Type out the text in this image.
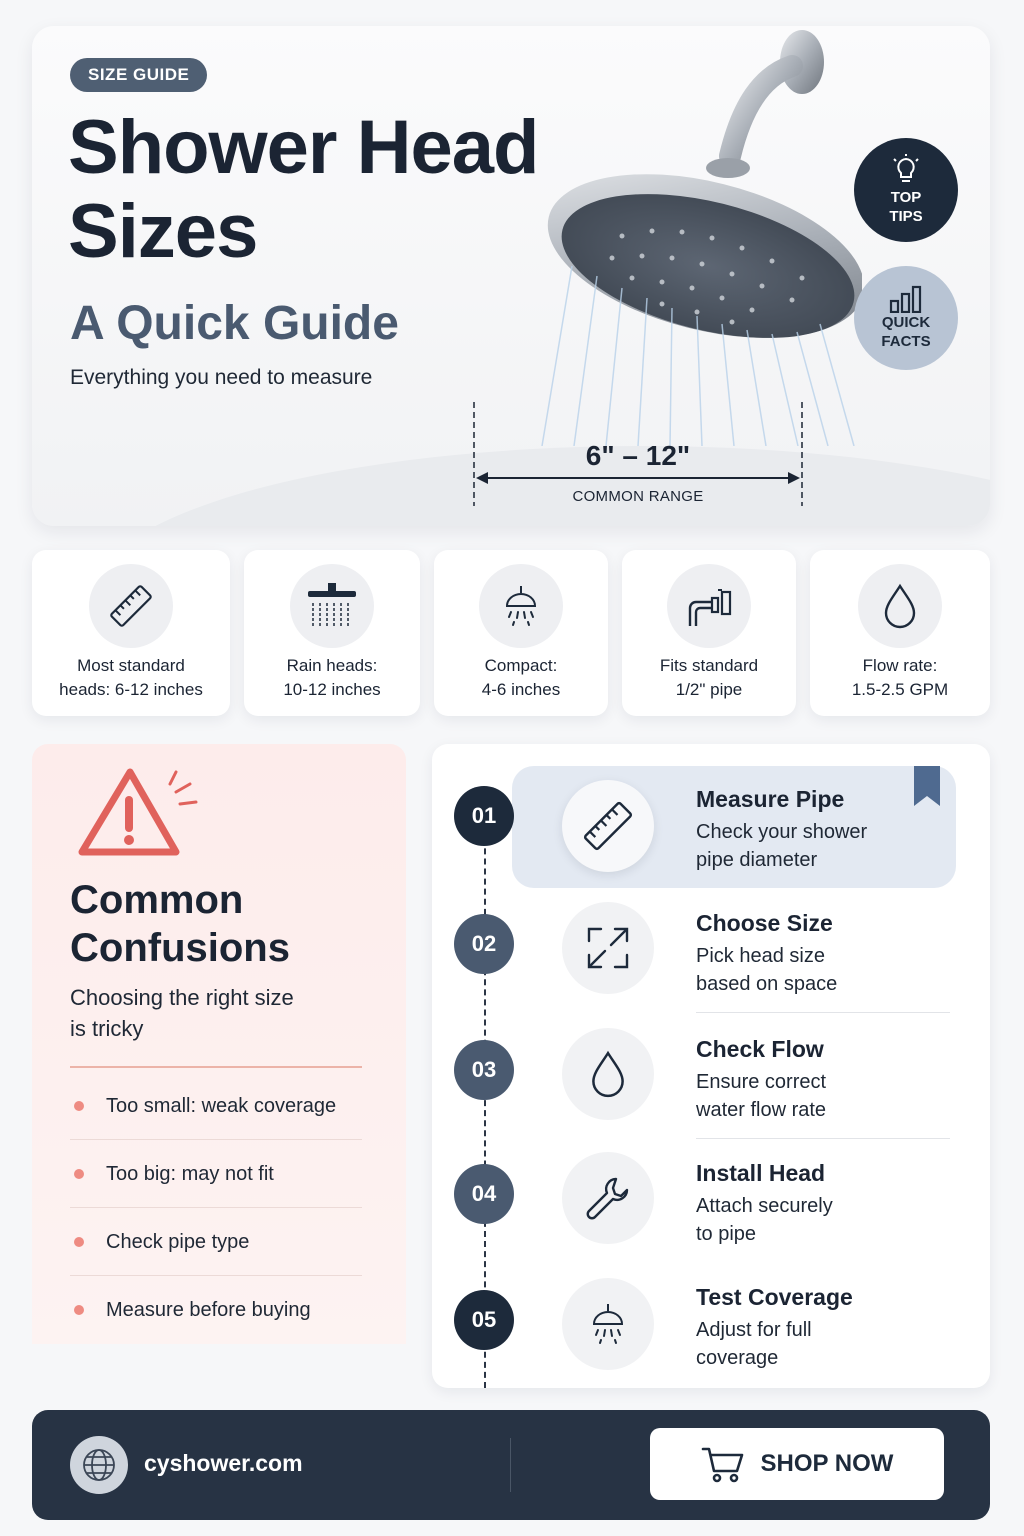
SIZE GUIDE
Shower Head
Sizes
A Quick Guide
Everything you need to measure
6" – 12"
COMMON RANGE
TOP
TIPS
QUICK
FACTS
Most standard
heads: 6-12 inches
Rain heads:
10-12 inches
Compact:
4-6 inches
Fits standard
1/2" pipe
Flow rate:
1.5-2.5 GPM
Common
Confusions
Choosing the right size
is tricky
Too small: weak coverage
Too big: may not fit
Check pipe type
Measure before buying
01
Measure Pipe
Check your shower
pipe diameter
02
Choose Size
Pick head size
based on space
03
Check Flow
Ensure correct
water flow rate
04
Install Head
Attach securely
to pipe
05
Test Coverage
Adjust for full
coverage
cyshower.com	SHOP NOW
